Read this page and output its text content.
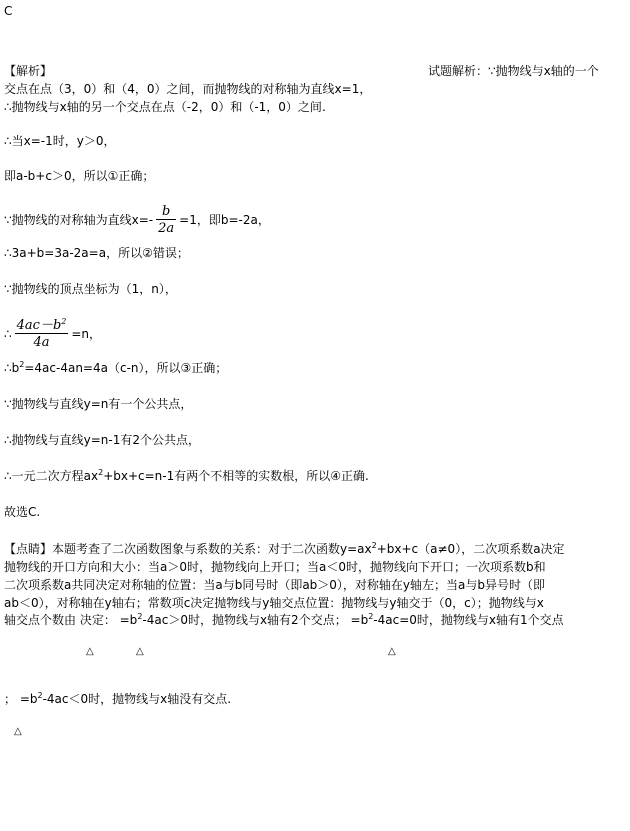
C
【解析】	试题解析：∵抛物线与x轴的一个
交点在点（3，0）和（4，0）之间，而抛物线的对称轴为直线x=1，
∴抛物线与x轴的另一个交点在点（-2，0）和（-1，0）之间.
∴当x=-1时，y＞0，
即a-b+c＞0，所以①正确；
∵抛物线的对称轴为直线$x=- \frac{b}{2a} =1$，即b=-2a，
∴3a+b=3a-2a=a，所以②错误；
∵抛物线的顶点坐标为（1，n），
∴ $\frac{4ac-b^2}{4a} =n$，
$\therefore b^2=4ac-4an=4a(c-n)$，所以③正确；
∵抛物线与直线y=n有一个公共点，
∴抛物线与直线y=n-1有2个公共点，
∴一元二次方程$ax^2+bx+c=n-1$有两个不相等的实数根，所以④正确.
故选C.
【点睛】本题考查了二次函数图象与系数的关系：对于二次函数$y=ax^2+bx+c(a\ne 0)$，二次项系数a决定
抛物线的开口方向和大小：当a＞0时，抛物线向上开口；当a＜0时，抛物线向下开口；一次项系数b和
二次项系数a共同决定对称轴的位置：当a与b同号时（即ab＞0），对称轴在y轴左；当a与b异号时（即
ab＜0），对称轴在y轴右；常数项c决定抛物线与y轴交点位置：抛物线与y轴交于（0，c）；抛物线与x
轴交点个数由 决定： $=b^2-4ac>0$时，抛物线与x轴有2个交点； $=b^2-4ac=0$时，抛物线与x轴有1个交点
△	△	△
； $=b^2-4ac<0$时，抛物线与x轴没有交点.
△
